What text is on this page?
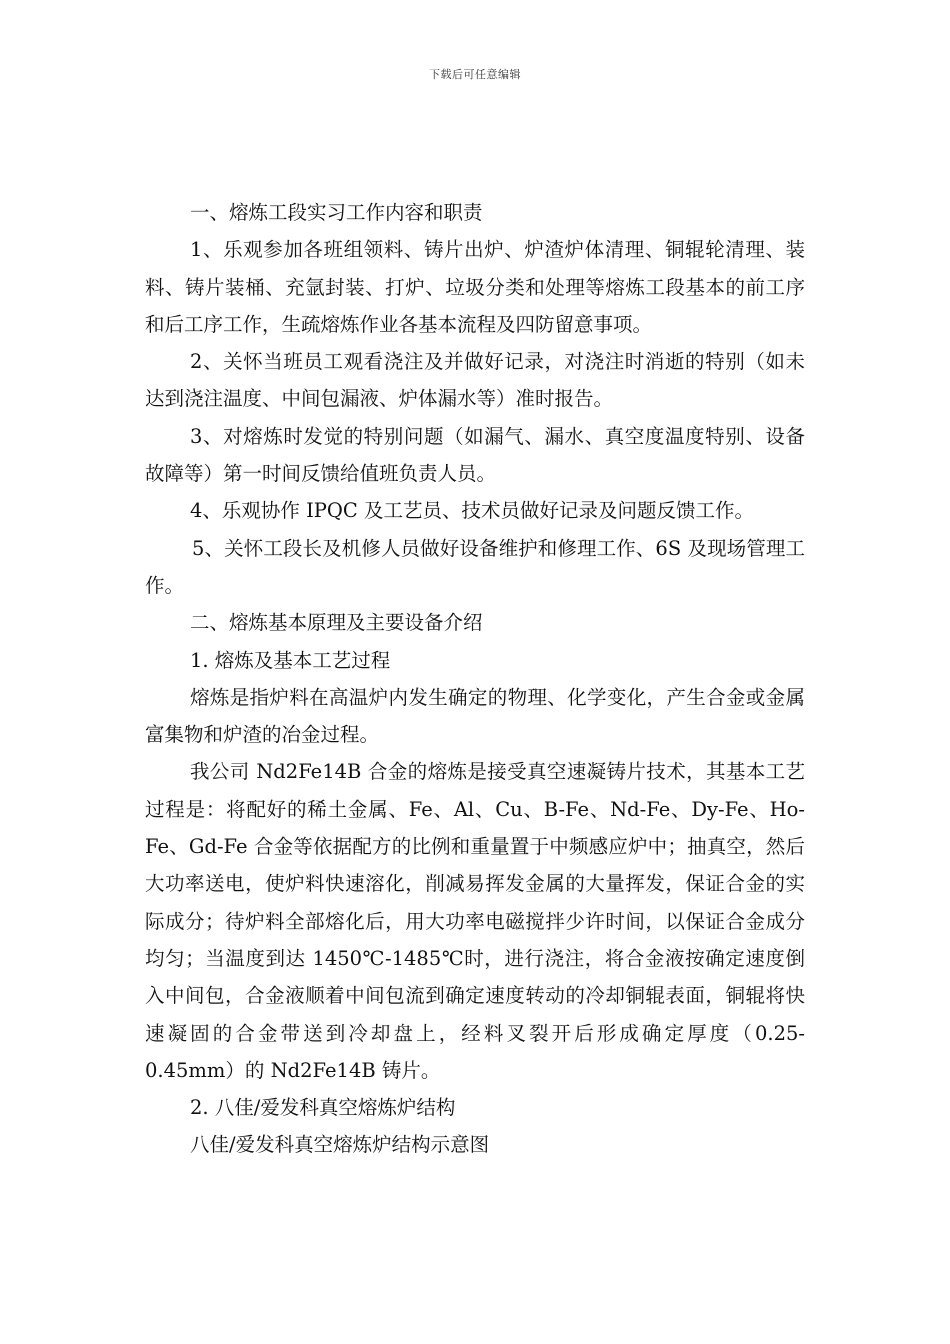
下载后可任意编辑

一、熔炼工段实习工作内容和职责

1、乐观参加各班组领料、铸片出炉、炉渣炉体清理、铜辊轮清理、装料、铸片装桶、充氩封装、打炉、垃圾分类和处理等熔炼工段基本的前工序和后工序工作，生疏熔炼作业各基本流程及四防留意事项。

2、关怀当班员工观看浇注及并做好记录，对浇注时消逝的特别（如未达到浇注温度、中间包漏液、炉体漏水等）准时报告。

3、对熔炼时发觉的特别问题（如漏气、漏水、真空度温度特别、设备故障等）第一时间反馈给值班负责人员。

4、乐观协作 IPQC 及工艺员、技术员做好记录及问题反馈工作。

5、关怀工段长及机修人员做好设备维护和修理工作、6S 及现场管理工作。

二、熔炼基本原理及主要设备介绍

1. 熔炼及基本工艺过程

熔炼是指炉料在高温炉内发生确定的物理、化学变化，产生合金或金属富集物和炉渣的冶金过程。

我公司 Nd2Fe14B 合金的熔炼是接受真空速凝铸片技术，其基本工艺过程是：将配好的稀土金属、Fe、Al、Cu、B-Fe、Nd-Fe、Dy-Fe、Ho-Fe、Gd-Fe 合金等依据配方的比例和重量置于中频感应炉中；抽真空，然后大功率送电，使炉料快速溶化，削减易挥发金属的大量挥发，保证合金的实际成分；待炉料全部熔化后，用大功率电磁搅拌少许时间，以保证合金成分均匀；当温度到达 1450℃-1485℃时，进行浇注，将合金液按确定速度倒入中间包，合金液顺着中间包流到确定速度转动的冷却铜辊表面，铜辊将快速凝固的合金带送到冷却盘上，经料叉裂开后形成确定厚度（0.25-0.45mm）的 Nd2Fe14B 铸片。

2. 八佳/爱发科真空熔炼炉结构

八佳/爱发科真空熔炼炉结构示意图
